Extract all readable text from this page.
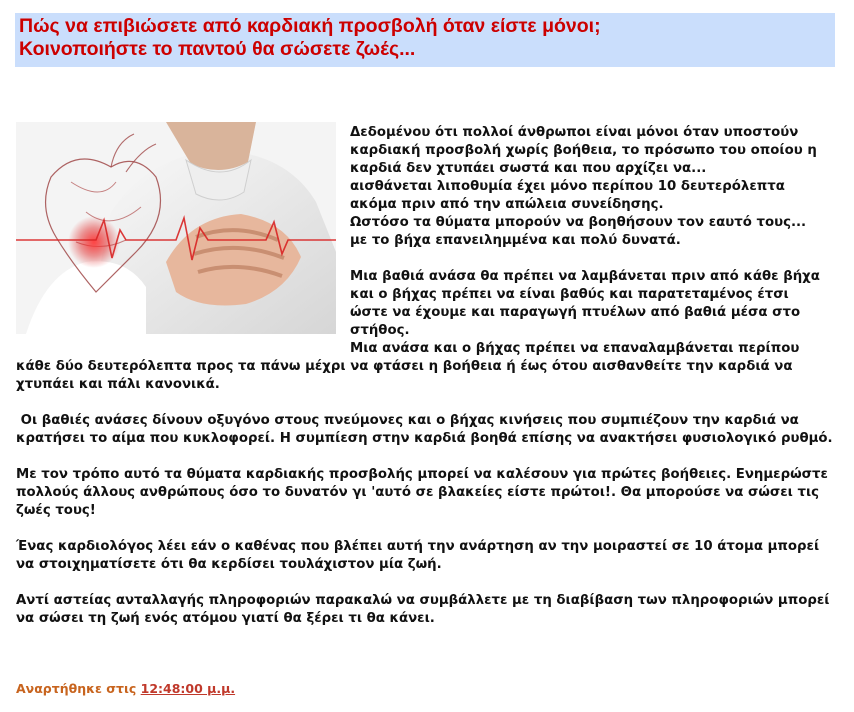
Πώς να επιβιώσετε από καρδιακή προσβολή όταν είστε μόνοι;
Κοινοποιήστε το παντού θα σώσετε ζωές...

Δεδομένου ότι πολλοί άνθρωποι είναι μόνοι όταν υποστούν
καρδιακή προσβολή χωρίς βοήθεια, το πρόσωπο του οποίου η
καρδιά δεν χτυπάει σωστά και που αρχίζει να...
αισθάνεται λιποθυμία έχει μόνο περίπου 10 δευτερόλεπτα
ακόμα πριν από την απώλεια συνείδησης.
Ωστόσο τα θύματα μπορούν να βοηθήσουν τον εαυτό τους...
με το βήχα επανειλημμένα και πολύ δυνατά.

Μια βαθιά ανάσα θα πρέπει να λαμβάνεται πριν από κάθε βήχα
και ο βήχας πρέπει να είναι βαθύς και παρατεταμένος έτσι
ώστε να έχουμε και παραγωγή πτυέλων από βαθιά μέσα στο
στήθος.
Μια ανάσα και ο βήχας πρέπει να επαναλαμβάνεται περίπου
κάθε δύο δευτερόλεπτα προς τα πάνω μέχρι να φτάσει η βοήθεια ή έως ότου αισθανθείτε την καρδιά να
χτυπάει και πάλι κανονικά.

Οι βαθιές ανάσες δίνουν οξυγόνο στους πνεύμονες και ο βήχας κινήσεις που συμπιέζουν την καρδιά να κρατήσει το αίμα που κυκλοφορεί. Η συμπίεση στην καρδιά βοηθά επίσης να ανακτήσει φυσιολογικό ρυθμό.

Με τον τρόπο αυτό τα θύματα καρδιακής προσβολής μπορεί να καλέσουν για πρώτες βοήθειες. Ενημερώστε πολλούς άλλους ανθρώπους όσο το δυνατόν γι 'αυτό σε βλακείες είστε πρώτοι!. Θα μπορούσε να σώσει τις ζωές τους!

Ένας καρδιολόγος λέει εάν ο καθένας που βλέπει αυτή την ανάρτηση αν την μοιραστεί σε 10 άτομα μπορεί να στοιχηματίσετε ότι θα κερδίσει τουλάχιστον μία ζωή.

Αντί αστείας ανταλλαγής πληροφοριών παρακαλώ να συμβάλλετε με τη διαβίβαση των πληροφοριών μπορεί να σώσει τη ζωή ενός ατόμου γιατί θα ξέρει τι θα κάνει.

Αναρτήθηκε στις 12:48:00 μ.μ.
